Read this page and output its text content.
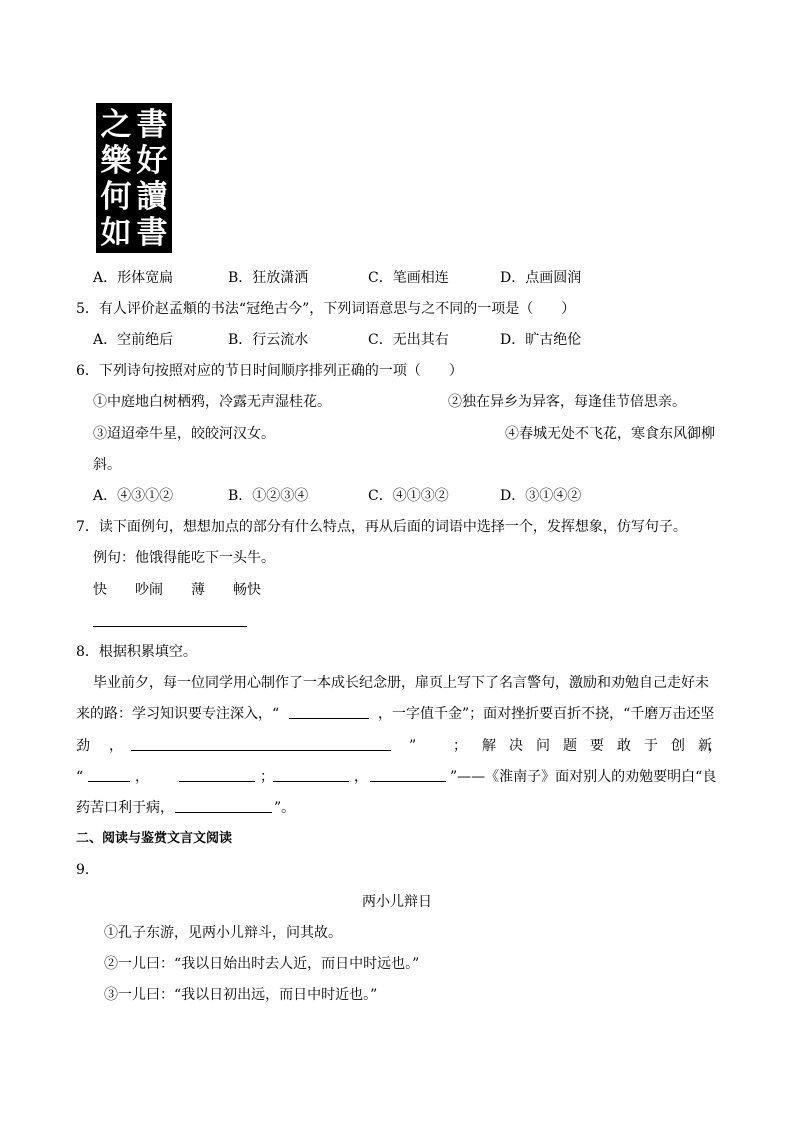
書
好
讀
書
之
樂
何
如
A．形体宽扁	B．狂放潇洒	C．笔画相连	D．点画圆润
5．有人评价赵孟頫的书法“冠绝古今”，下列词语意思与之不同的一项是（　　）
A．空前绝后	B．行云流水	C．无出其右	D．旷古绝伦
6．下列诗句按照对应的节日时间顺序排列正确的一项（　　）
①中庭地白树栖鸦，冷露无声湿桂花。	②独在异乡为异客，每逢佳节倍思亲。
③迢迢牵牛星，皎皎河汉女。	④春城无处不飞花，寒食东风御柳
斜。
A．④③①②	B．①②③④	C．④①③②	D．③①④②
7．读下面例句，想想加点的部分有什么特点，再从后面的词语中选择一个，发挥想象，仿写句子。
例句：他饿得能吃下一头牛。
快 吵闹 薄 畅快
8．根据积累填空。
毕业前夕，每一位同学用心制作了一本成长纪念册，扉页上写下了名言警句，激励和劝勉自己走好未
来的路：学习知识要专注深入，“	，一字值千金”；面对挫折要百折不挠，“千磨万击还坚
劲 ，	”	； 解 决 问 题 要 敢 于 创 新
，
“	，	；	，	”——《淮南子》面对别人的劝勉要明白“良
药苦口利于病，	”。
二、阅读与鉴赏文言文阅读
9．
两小儿辩日
①孔子东游，见两小儿辩斗，问其故。
②一儿曰：“我以日始出时去人近，而日中时远也。”
③一儿曰：“我以日初出远，而日中时近也。”
